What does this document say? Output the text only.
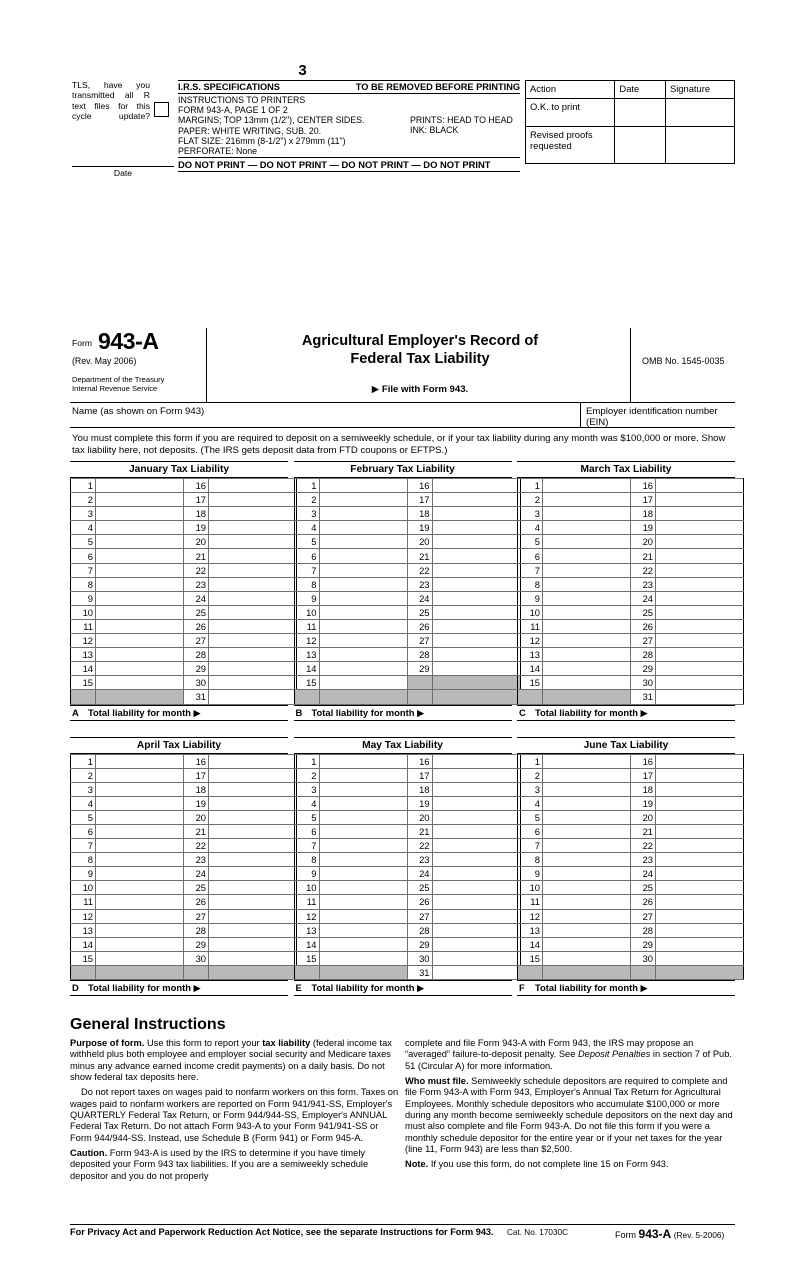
3
TLS, have you transmitted all R text files for this cycle update?
Date
I.R.S. SPECIFICATIONS	TO BE REMOVED BEFORE PRINTING
INSTRUCTIONS TO PRINTERS
FORM 943-A, PAGE 1 OF 2
MARGINS; TOP 13mm (1/2"), CENTER SIDES.
PAPER: WHITE WRITING, SUB. 20.
FLAT SIZE: 216mm (8-1/2") x 279mm (11")
PERFORATE: None
PRINTS: HEAD TO HEAD
INK: BLACK
DO NOT PRINT — DO NOT PRINT — DO NOT PRINT — DO NOT PRINT
Action	Date	Signature
O.K. to print		
Revised proofs requested		
Form 943-A
(Rev. May 2006)
Department of the Treasury
Internal Revenue Service
Agricultural Employer's Record of
Federal Tax Liability
▶ File with Form 943.
OMB No. 1545-0035
Name (as shown on Form 943)	Employer identification number (EIN)
You must complete this form if you are required to deposit on a semiweekly schedule, or if your tax liability during any month was $100,000 or more. Show tax liability here, not deposits. (The IRS gets deposit data from FTD coupons or EFTPS.)
January Tax Liability
1		16	
2		17	
3		18	
4		19	
5		20	
6		21	
7		22	
8		23	
9		24	
10		25	
11		26	
12		27	
13		28	
14		29	
15		30	
		31	
A Total liability for month ▶
February Tax Liability
1		16	
2		17	
3		18	
4		19	
5		20	
6		21	
7		22	
8		23	
9		24	
10		25	
11		26	
12		27	
13		28	
14		29	
15			

B Total liability for month ▶
March Tax Liability
1		16	
2		17	
3		18	
4		19	
5		20	
6		21	
7		22	
8		23	
9		24	
10		25	
11		26	
12		27	
13		28	
14		29	
15		30	
		31	
C Total liability for month ▶
April Tax Liability
1		16	
2		17	
3		18	
4		19	
5		20	
6		21	
7		22	
8		23	
9		24	
10		25	
11		26	
12		27	
13		28	
14		29	
15		30	

D Total liability for month ▶
May Tax Liability
1		16	
2		17	
3		18	
4		19	
5		20	
6		21	
7		22	
8		23	
9		24	
10		25	
11		26	
12		27	
13		28	
14		29	
15		30	
		31	
E Total liability for month ▶
June Tax Liability
1		16	
2		17	
3		18	
4		19	
5		20	
6		21	
7		22	
8		23	
9		24	
10		25	
11		26	
12		27	
13		28	
14		29	
15		30	

F Total liability for month ▶
General Instructions

Purpose of form. Use this form to report your tax liability (federal income tax withheld plus both employee and employer social security and Medicare taxes minus any advance earned income credit payments) on a daily basis. Do not show federal tax deposits here.

Do not report taxes on wages paid to nonfarm workers on this form. Taxes on wages paid to nonfarm workers are reported on Form 941/941-SS, Employer's QUARTERLY Federal Tax Return, or Form 944/944-SS, Employer's ANNUAL Federal Tax Return. Do not attach Form 943-A to your Form 941/941-SS or Form 944/944-SS. Instead, use Schedule B (Form 941) or Form 945-A.

Caution. Form 943-A is used by the IRS to determine if you have timely deposited your Form 943 tax liabilities. If you are a semiweekly schedule depositor and you do not properly

complete and file Form 943-A with Form 943, the IRS may propose an “averaged” failure-to-deposit penalty. See Deposit Penalties in section 7 of Pub. 51 (Circular A) for more information.

Who must file. Semiweekly schedule depositors are required to complete and file Form 943-A with Form 943, Employer's Annual Tax Return for Agricultural Employees. Monthly schedule depositors who accumulate $100,000 or more during any month become semiweekly schedule depositors on the next day and must also complete and file Form 943-A. Do not file this form if you were a monthly schedule depositor for the entire year or if your net taxes for the year (line 11, Form 943) are less than $2,500.

Note. If you use this form, do not complete line 15 on Form 943.

For Privacy Act and Paperwork Reduction Act Notice, see the separate Instructions for Form 943. Cat. No. 17030C	Form 943-A (Rev. 5-2006)
